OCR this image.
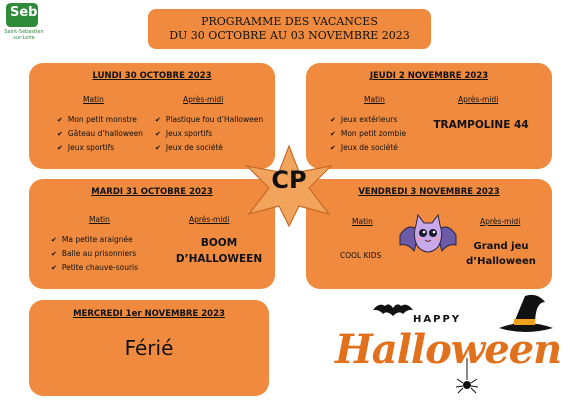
Seb
Saint-Sébastien
sur-Loire
PROGRAMME DES VACANCES
DU 30 OCTOBRE AU 03 NOVEMBRE 2023
LUNDI 30 OCTOBRE 2023
Matin	Après-midi
✔ Mon petit monstre
✔ Gâteau d’halloween
✔ Jeux sportifs
✔ Plastique fou d’Halloween
✔ Jeux sportifs
✔ Jeux de société
JEUDI 2 NOVEMBRE 2023
Matin	Après-midi
✔ Jeux extérieurs
✔ Mon petit zombie
✔ Jeux de société
TRAMPOLINE 44
MARDI 31 OCTOBRE 2023
Matin	Après-midi
✔ Ma petite araignée
✔ Balle au prisonniers
✔ Petite chauve-souris
BOOM
D’HALLOWEEN
VENDREDI 3 NOVEMBRE 2023
Matin	Après-midi
COOL KIDS
Grand jeu
d’Halloween
CP
MERCREDI 1er NOVEMBRE 2023
Férié
HAPPY
Halloween
